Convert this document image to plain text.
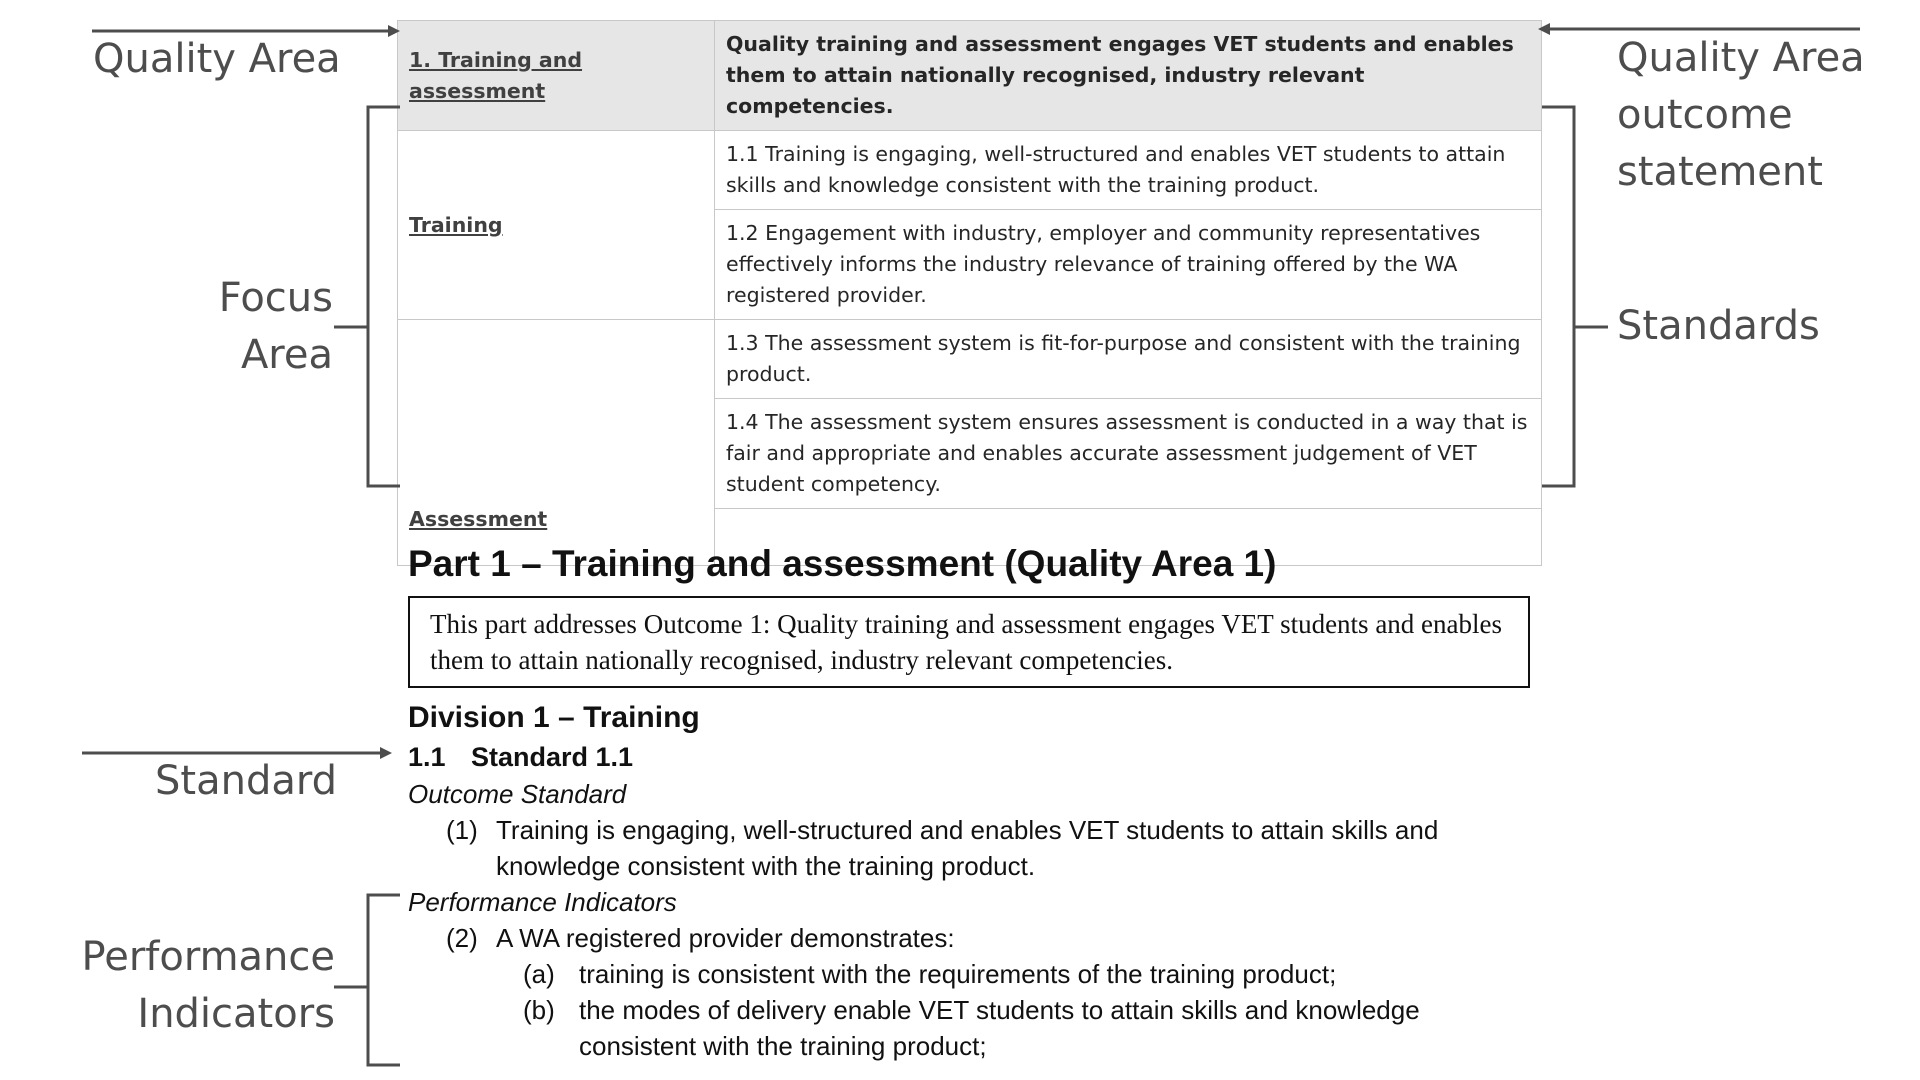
Quality Area
Focus
Area
Standard
Performance
Indicators
Quality Area
outcome
statement
Standards
1. Training and assessment	Quality training and assessment engages VET students and enables them to attain nationally recognised, industry relevant competencies.
Training	1.1 Training is engaging, well-structured and enables VET students to attain skills and knowledge consistent with the training product.
	1.2 Engagement with industry, employer and community representatives effectively informs the industry relevance of training offered by the WA registered provider.
Assessment	1.3 The assessment system is fit-for-purpose and consistent with the training product.
	1.4 The assessment system ensures assessment is conducted in a way that is fair and appropriate and enables accurate assessment judgement of VET student competency.

Part 1 – Training and assessment (Quality Area 1)
This part addresses Outcome 1: Quality training and assessment engages VET students and enables them to attain nationally recognised, industry relevant competencies.
Division 1 – Training
1.1 Standard 1.1
Outcome Standard
(1) Training is engaging, well-structured and enables VET students to attain skills and knowledge consistent with the training product.
Performance Indicators
(2) A WA registered provider demonstrates:
(a) training is consistent with the requirements of the training product;
(b) the modes of delivery enable VET students to attain skills and knowledge consistent with the training product;
